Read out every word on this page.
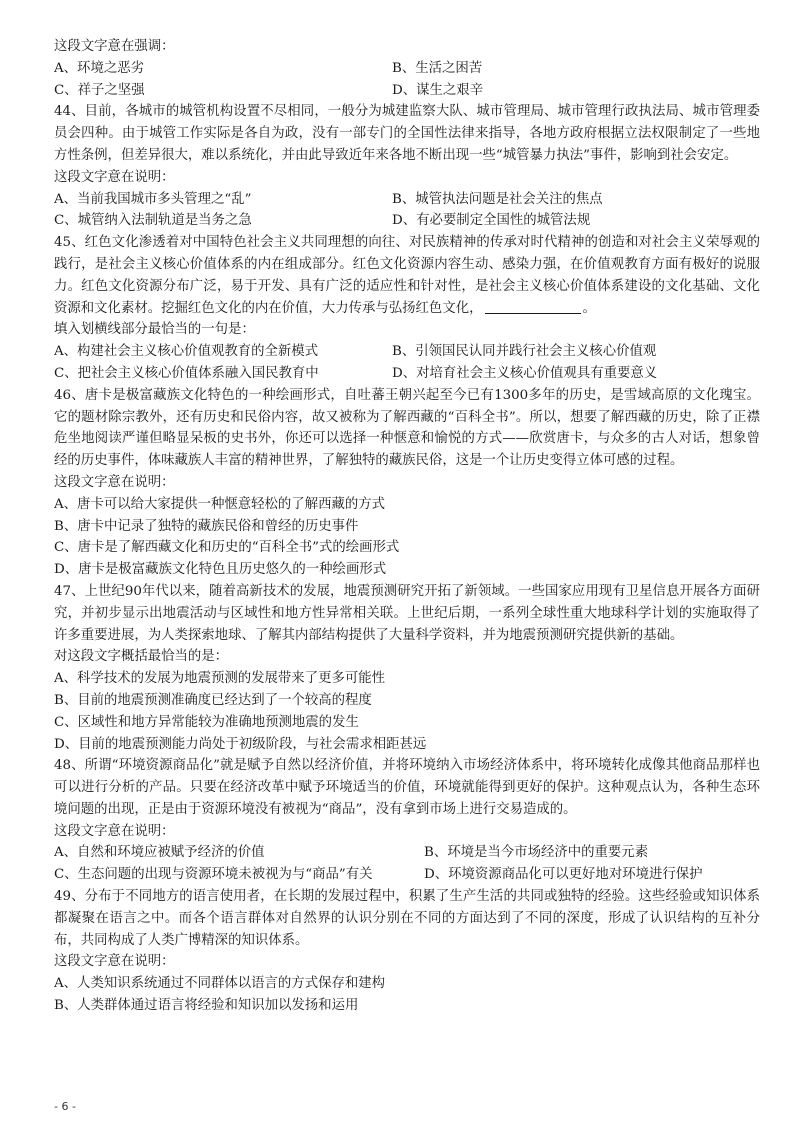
这段文字意在强调：
A、环境之恶劣	B、生活之困苦
C、祥子之坚强	D、谋生之艰辛
44、目前，各城市的城管机构设置不尽相同，一般分为城建监察大队、城市管理局、城市管理行政执法局、城市管理委员会四种。由于城管工作实际是各自为政，没有一部专门的全国性法律来指导，各地方政府根据立法权限制定了一些地方性条例，但差异很大，难以系统化，并由此导致近年来各地不断出现一些“城管暴力执法”事件，影响到社会安定。
这段文字意在说明：
A、当前我国城市多头管理之“乱”	B、城管执法问题是社会关注的焦点
C、城管纳入法制轨道是当务之急	D、有必要制定全国性的城管法规
45、红色文化渗透着对中国特色社会主义共同理想的向往、对民族精神的传承对时代精神的创造和对社会主义荣辱观的践行，是社会主义核心价值体系的内在组成部分。红色文化资源内容生动、感染力强，在价值观教育方面有极好的说服力。红色文化资源分布广泛，易于开发、具有广泛的适应性和针对性，是社会主义核心价值体系建设的文化基础、文化资源和文化素材。挖掘红色文化的内在价值，大力传承与弘扬红色文化，	。
填入划横线部分最恰当的一句是：
A、构建社会主义核心价值观教育的全新模式	B、引领国民认同并践行社会主义核心价值观
C、把社会主义核心价值体系融入国民教育中	D、对培育社会主义核心价值观具有重要意义
46、唐卡是极富藏族文化特色的一种绘画形式，自吐蕃王朝兴起至今已有1300多年的历史，是雪域高原的文化瑰宝。它的题材除宗教外，还有历史和民俗内容，故又被称为了解西藏的“百科全书”。所以，想要了解西藏的历史，除了正襟危坐地阅读严谨但略显呆板的史书外，你还可以选择一种惬意和愉悦的方式——欣赏唐卡，与众多的古人对话，想象曾经的历史事件，体味藏族人丰富的精神世界，了解独特的藏族民俗，这是一个让历史变得立体可感的过程。
这段文字意在说明：
A、唐卡可以给大家提供一种惬意轻松的了解西藏的方式
B、唐卡中记录了独特的藏族民俗和曾经的历史事件
C、唐卡是了解西藏文化和历史的“百科全书”式的绘画形式
D、唐卡是极富藏族文化特色且历史悠久的一种绘画形式
47、上世纪90年代以来，随着高新技术的发展，地震预测研究开拓了新领域。一些国家应用现有卫星信息开展各方面研究，并初步显示出地震活动与区域性和地方性异常相关联。上世纪后期，一系列全球性重大地球科学计划的实施取得了许多重要进展，为人类探索地球、了解其内部结构提供了大量科学资料，并为地震预测研究提供新的基础。
对这段文字概括最恰当的是：
A、科学技术的发展为地震预测的发展带来了更多可能性
B、目前的地震预测准确度已经达到了一个较高的程度
C、区域性和地方异常能较为准确地预测地震的发生
D、目前的地震预测能力尚处于初级阶段，与社会需求相距甚远
48、所谓“环境资源商品化”就是赋予自然以经济价值，并将环境纳入市场经济体系中，将环境转化成像其他商品那样也可以进行分析的产品。只要在经济改革中赋予环境适当的价值，环境就能得到更好的保护。这种观点认为，各种生态环境问题的出现，正是由于资源环境没有被视为“商品”，没有拿到市场上进行交易造成的。
这段文字意在说明：
A、自然和环境应被赋予经济的价值	B、环境是当今市场经济中的重要元素
C、生态问题的出现与资源环境未被视为与“商品”有关	D、环境资源商品化可以更好地对环境进行保护
49、分布于不同地方的语言使用者，在长期的发展过程中，积累了生产生活的共同或独特的经验。这些经验或知识体系都凝聚在语言之中。而各个语言群体对自然界的认识分别在不同的方面达到了不同的深度，形成了认识结构的互补分布，共同构成了人类广博精深的知识体系。
这段文字意在说明：
A、人类知识系统通过不同群体以语言的方式保存和建构
B、人类群体通过语言将经验和知识加以发扬和运用
- 6 -
